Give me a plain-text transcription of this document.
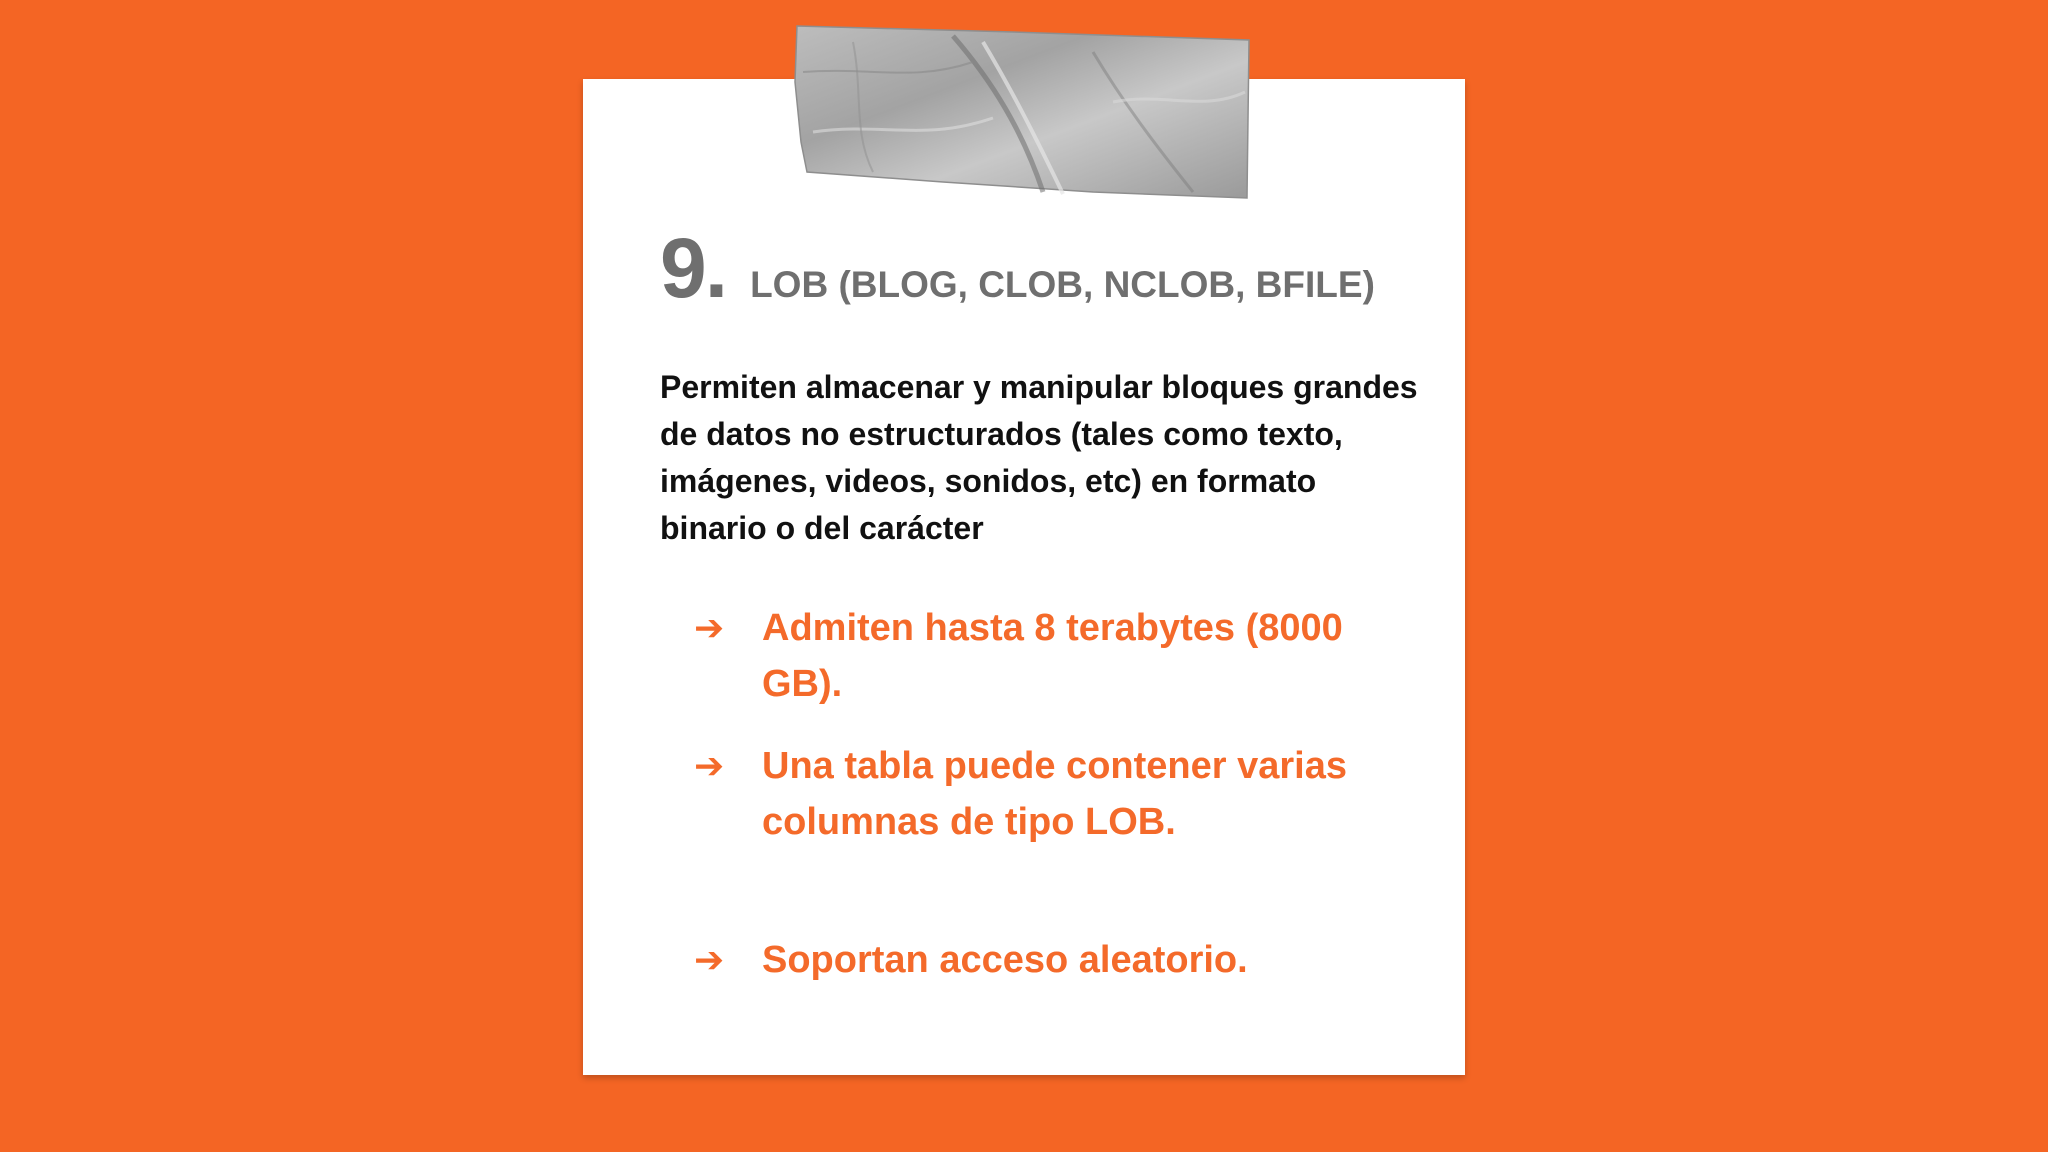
9. LOB (BLOG, CLOB, NCLOB, BFILE)
Permiten almacenar y manipular bloques grandes de datos no estructurados (tales como texto, imágenes, videos, sonidos, etc) en formato binario o del carácter
➔ Admiten hasta 8 terabytes (8000 GB).
➔ Una tabla puede contener varias columnas de tipo LOB.
➔ Soportan acceso aleatorio.
